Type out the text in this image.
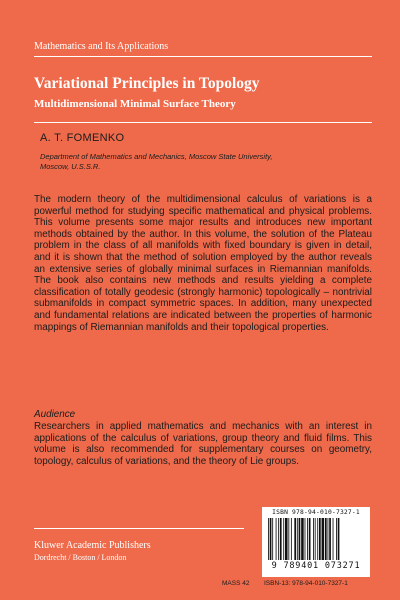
Mathematics and Its Applications
Variational Principles in Topology
Multidimensional Minimal Surface Theory
A. T. FOMENKO
Department of Mathematics and Mechanics, Moscow State University,
Moscow, U.S.S.R.

The modern theory of the multidimensional calculus of variations is a powerful method for studying specific mathematical and physical problems. This volume presents some major results and introduces new important methods obtained by the author. In this volume, the solution of the Plateau problem in the class of all manifolds with fixed boundary is given in detail, and it is shown that the method of solution employed by the author reveals an extensive series of globally minimal surfaces in Riemannian manifolds. The book also contains new methods and results yielding a complete classification of totally geodesic (strongly harmonic) topologically – nontrivial submanifolds in compact symmetric spaces. In addition, many unexpected and fundamental relations are indicated between the properties of harmonic mappings of Riemannian manifolds and their topological properties.

Audience

Researchers in applied mathematics and mechanics with an interest in applications of the calculus of variations, group theory and fluid films. This volume is also recommended for supplementary courses on geometry, topology, calculus of variations, and the theory of Lie groups.

Kluwer Academic Publishers
Dordrecht / Boston / London
ISBN 978-94-010-7327-1
9 789401 073271
MASS 42 ISBN-13: 978-94-010-7327-1
